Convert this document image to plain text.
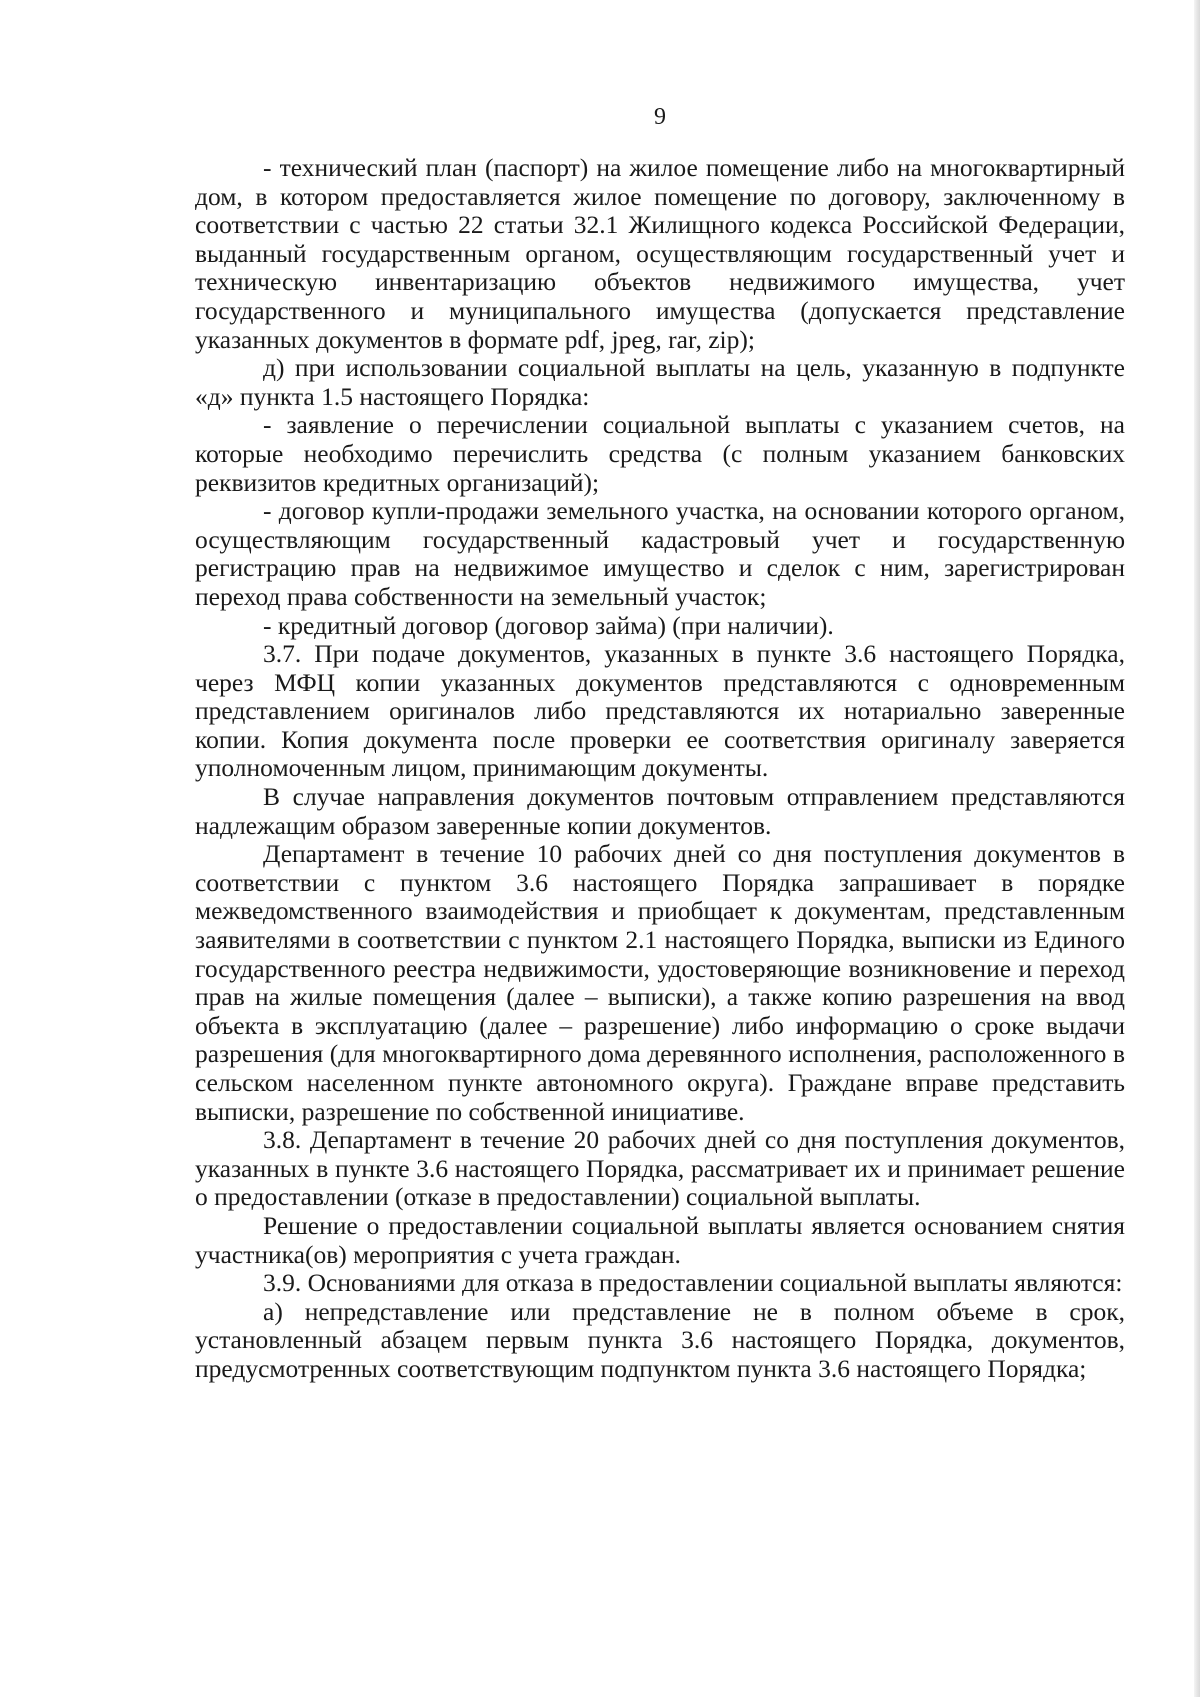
9

- технический план (паспорт) на жилое помещение либо на многоквартирный дом, в котором предоставляется жилое помещение по договору, заключенному в соответствии с частью 22 статьи 32.1 Жилищного кодекса Российской Федерации, выданный государственным органом, осуществляющим государственный учет и техническую инвентаризацию объектов недвижимого имущества, учет государственного и муниципального имущества (допускается представление указанных документов в формате pdf, jpeg, rar, zip);

д) при использовании социальной выплаты на цель, указанную в подпункте «д» пункта 1.5 настоящего Порядка:

- заявление о перечислении социальной выплаты с указанием счетов, на которые необходимо перечислить средства (с полным указанием банковских реквизитов кредитных организаций);

- договор купли-продажи земельного участка, на основании которого органом, осуществляющим государственный кадастровый учет и государственную регистрацию прав на недвижимое имущество и сделок с ним, зарегистрирован переход права собственности на земельный участок;

- кредитный договор (договор займа) (при наличии).

3.7. При подаче документов, указанных в пункте 3.6 настоящего Порядка, через МФЦ копии указанных документов представляются с одновременным представлением оригиналов либо представляются их нотариально заверенные копии. Копия документа после проверки ее соответствия оригиналу заверяется уполномоченным лицом, принимающим документы.

В случае направления документов почтовым отправлением представляются надлежащим образом заверенные копии документов.

Департамент в течение 10 рабочих дней со дня поступления документов в соответствии с пунктом 3.6 настоящего Порядка запрашивает в порядке межведомственного взаимодействия и приобщает к документам, представленным заявителями в соответствии с пунктом 2.1 настоящего Порядка, выписки из Единого государственного реестра недвижимости, удостоверяющие возникновение и переход прав на жилые помещения (далее – выписки), а также копию разрешения на ввод объекта в эксплуатацию (далее – разрешение) либо информацию о сроке выдачи разрешения (для многоквартирного дома деревянного исполнения, расположенного в сельском населенном пункте автономного округа). Граждане вправе представить выписки, разрешение по собственной инициативе.

3.8. Департамент в течение 20 рабочих дней со дня поступления документов, указанных в пункте 3.6 настоящего Порядка, рассматривает их и принимает решение о предоставлении (отказе в предоставлении) социальной выплаты.

Решение о предоставлении социальной выплаты является основанием снятия участника(ов) мероприятия с учета граждан.

3.9. Основаниями для отказа в предоставлении социальной выплаты являются:

а) непредставление или представление не в полном объеме в срок, установленный абзацем первым пункта 3.6 настоящего Порядка, документов, предусмотренных соответствующим подпунктом пункта 3.6 настоящего Порядка;
